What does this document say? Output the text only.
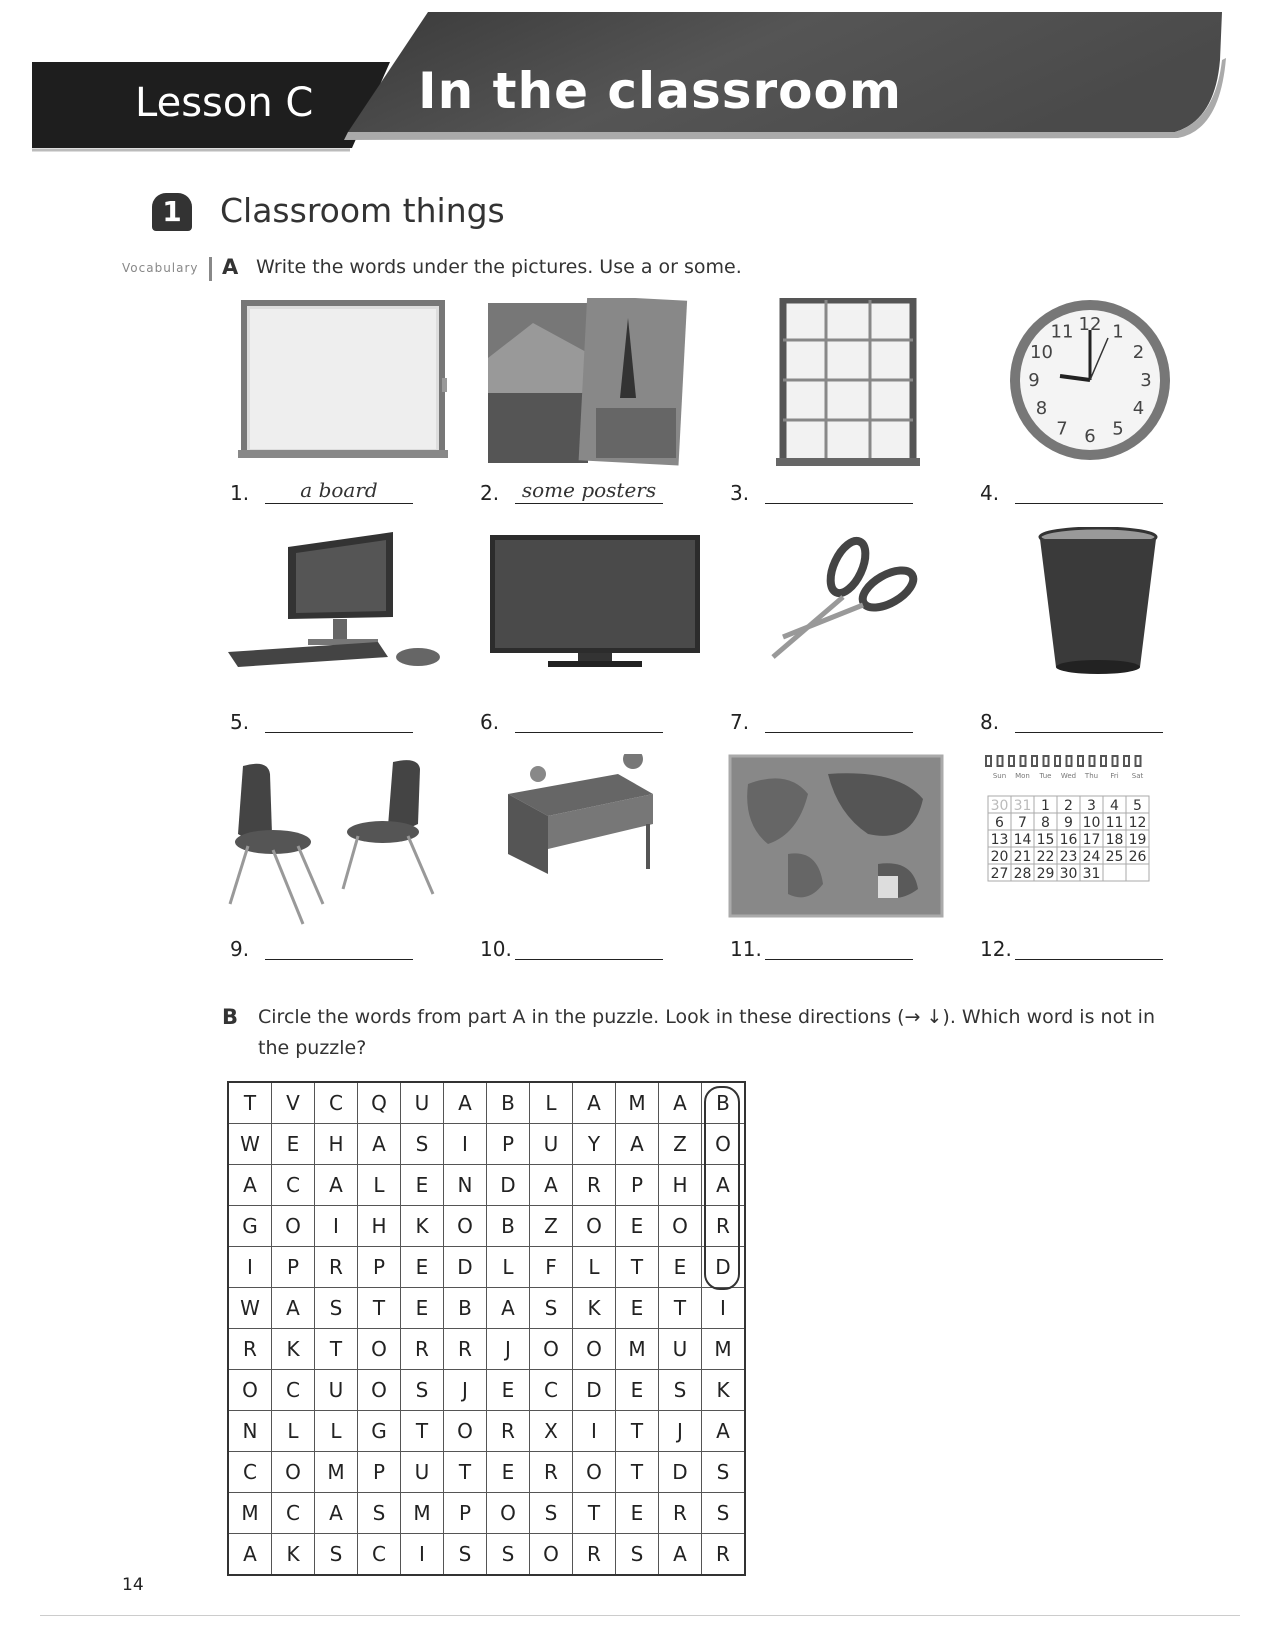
Lesson C In the classroom
1	Classroom things
Vocabulary A Write the words under the pictures. Use a or some.
1.	a board	2.	some posters	3.
12 1
2
3
4
5
6
7
8
9
10
11
4.
5.	6.	7.	8.
9.	10.	11.
Sun Mon Tue Wed Thu Fri Sat
30 31 1 2 3 4 5
6 7 8 9 10 11 12
13 14 15 16 17 18 19
20 21 22 23 24 25 26
27 28 29 30 31
12.
B Circle the words from part A in the puzzle. Look in these directions (→ ↓). Which word is not in
the puzzle?
T	V	C	Q	U	A	B	L	A	M	A	B
W	E	H	A	S	I	P	U	Y	A	Z	O
A	C	A	L	E	N	D	A	R	P	H	A
G	O	I	H	K	O	B	Z	O	E	O	R
I	P	R	P	E	D	L	F	L	T	E	D
W	A	S	T	E	B	A	S	K	E	T	I
R	K	T	O	R	R	J	O	O	M	U	M
O	C	U	O	S	J	E	C	D	E	S	K
N	L	L	G	T	O	R	X	I	T	J	A
C	O	M	P	U	T	E	R	O	T	D	S
M	C	A	S	M	P	O	S	T	E	R	S
A	K	S	C	I	S	S	O	R	S	A	R
14
